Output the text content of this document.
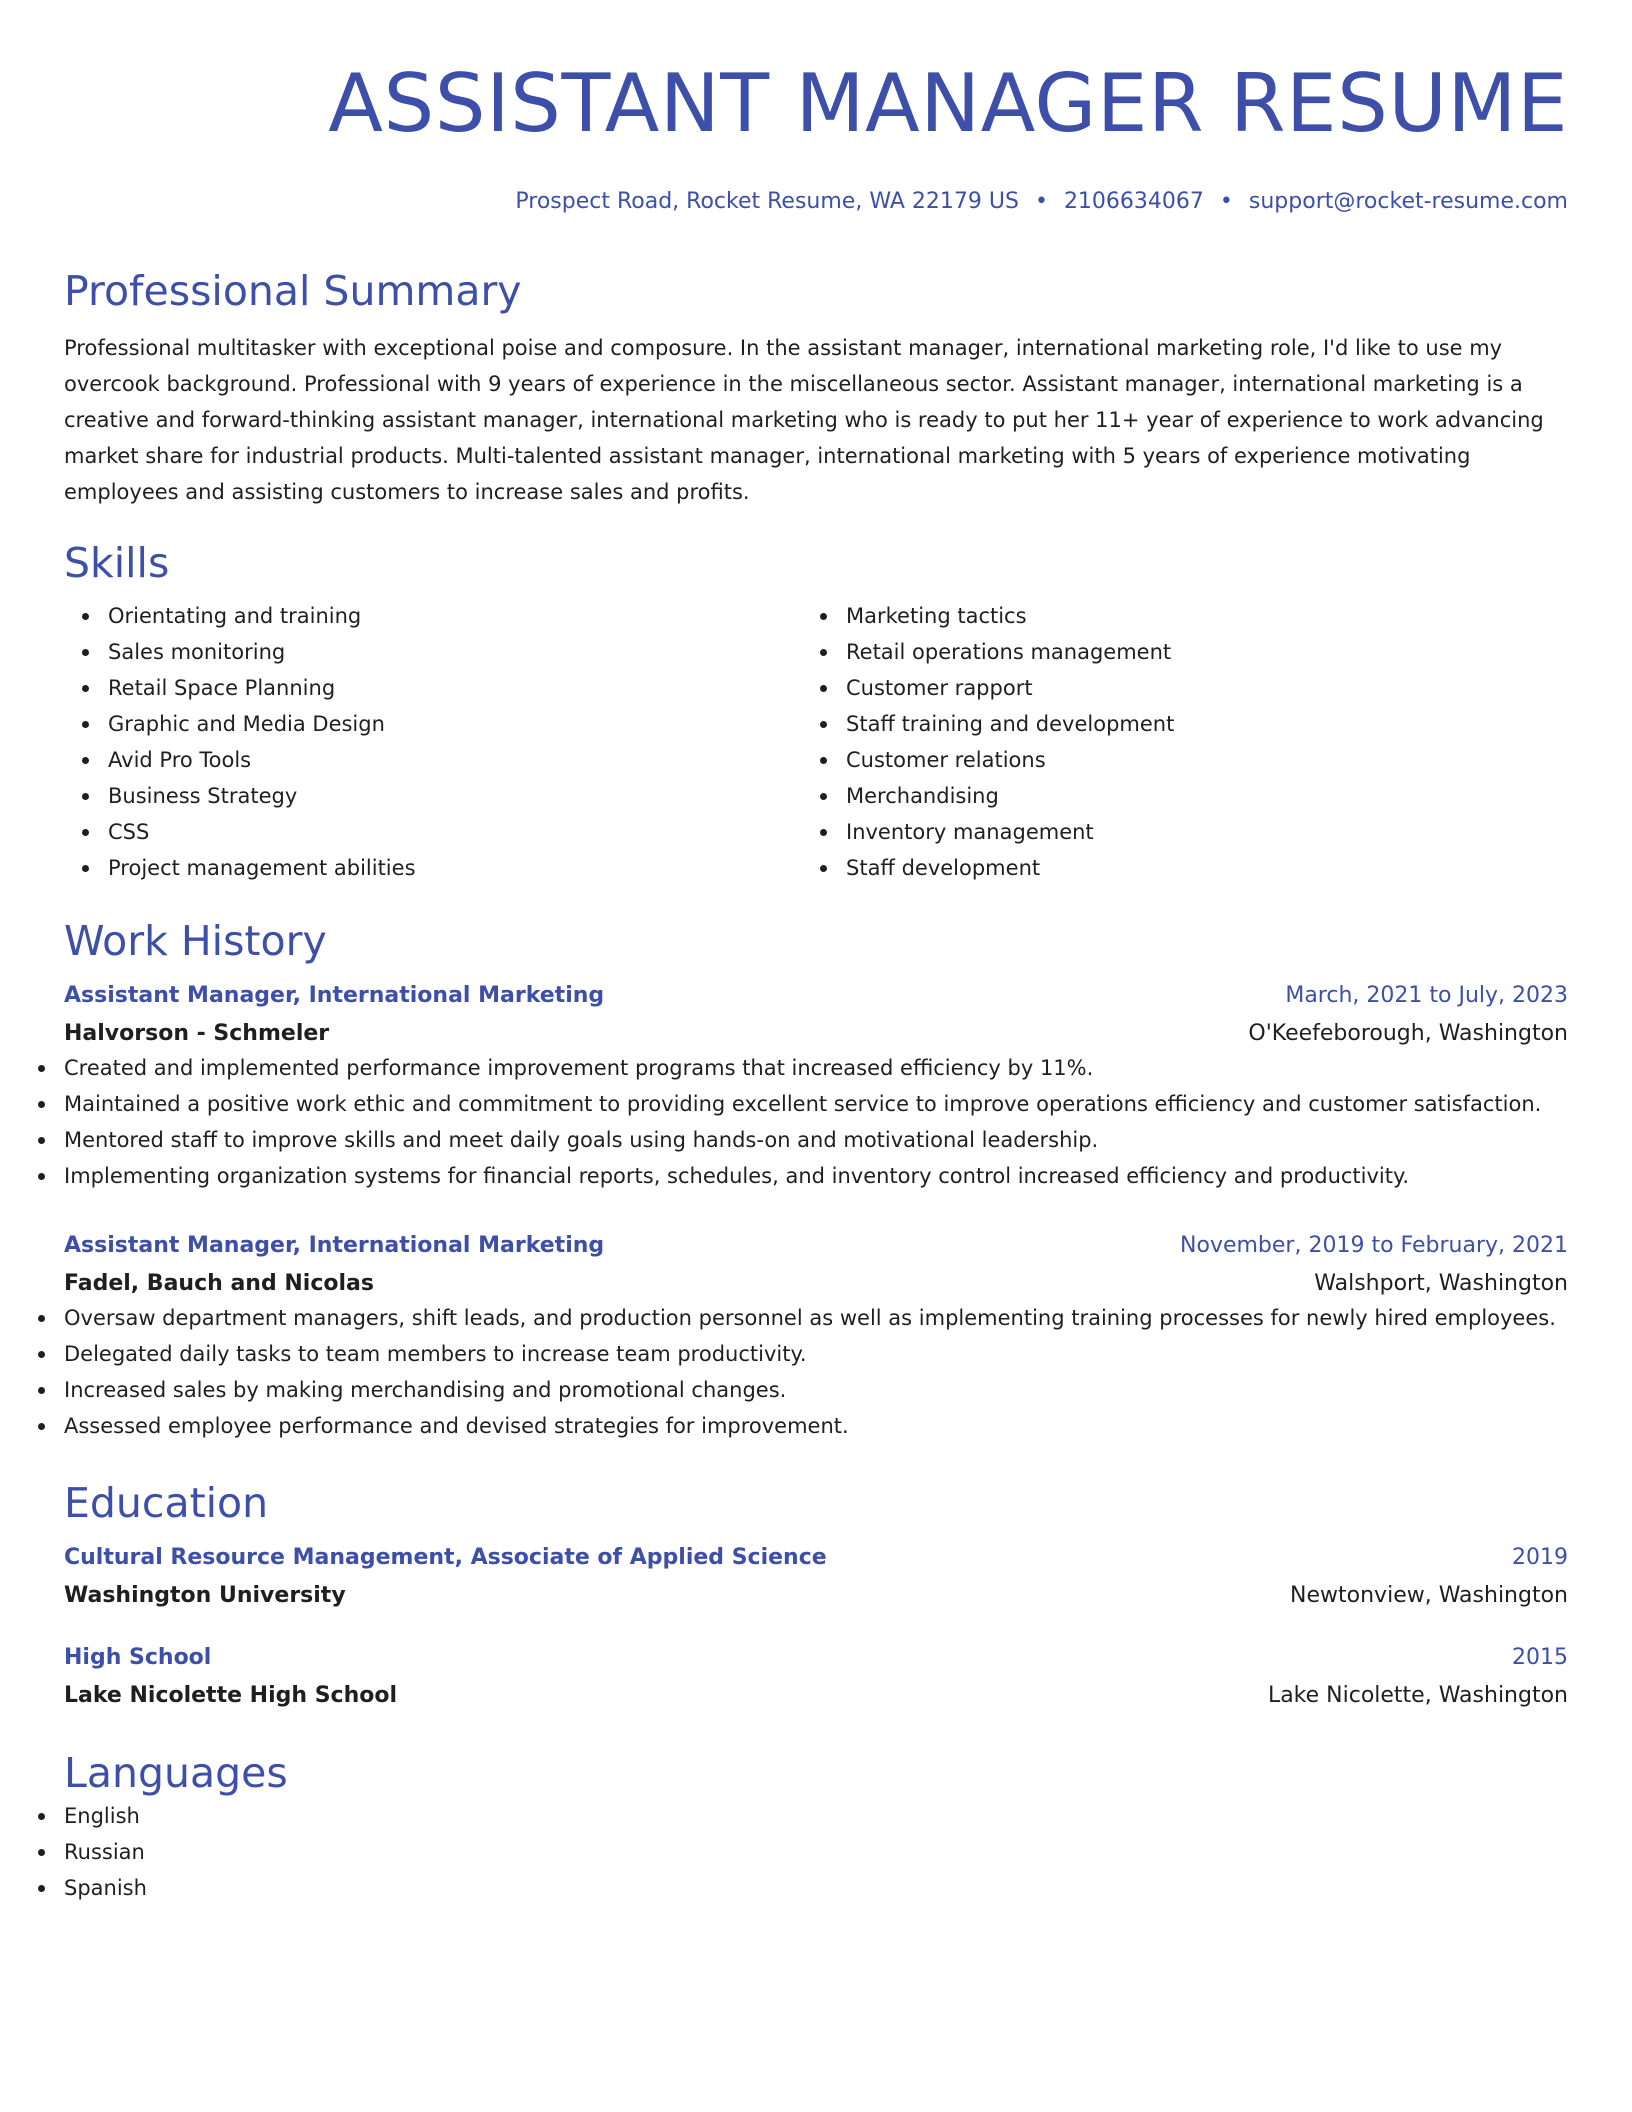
ASSISTANT MANAGER RESUME
Prospect Road, Rocket Resume, WA 22179 US • 2106634067 • support@rocket-resume.com
Professional Summary

Professional multitasker with exceptional poise and composure. In the assistant manager, international marketing role, I'd like to use my overcook background. Professional with 9 years of experience in the miscellaneous sector. Assistant manager, international marketing is a creative and forward-thinking assistant manager, international marketing who is ready to put her 11+ year of experience to work advancing market share for industrial products. Multi-talented assistant manager, international marketing with 5 years of experience motivating employees and assisting customers to increase sales and profits.

Skills
Orientating and training
Sales monitoring
Retail Space Planning
Graphic and Media Design
Avid Pro Tools
Business Strategy
CSS
Project management abilities
Marketing tactics
Retail operations management
Customer rapport
Staff training and development
Customer relations
Merchandising
Inventory management
Staff development
Work History
Assistant Manager, International Marketing	March, 2021 to July, 2023
Halvorson - Schmeler	O'Keefeborough, Washington
Created and implemented performance improvement programs that increased efficiency by 11%.
Maintained a positive work ethic and commitment to providing excellent service to improve operations efficiency and customer satisfaction.
Mentored staff to improve skills and meet daily goals using hands-on and motivational leadership.
Implementing organization systems for financial reports, schedules, and inventory control increased efficiency and productivity.
Assistant Manager, International Marketing	November, 2019 to February, 2021
Fadel, Bauch and Nicolas	Walshport, Washington
Oversaw department managers, shift leads, and production personnel as well as implementing training processes for newly hired employees.
Delegated daily tasks to team members to increase team productivity.
Increased sales by making merchandising and promotional changes.
Assessed employee performance and devised strategies for improvement.
Education
Cultural Resource Management, Associate of Applied Science	2019
Washington University	Newtonview, Washington
High School	2015
Lake Nicolette High School	Lake Nicolette, Washington
Languages
English
Russian
Spanish
